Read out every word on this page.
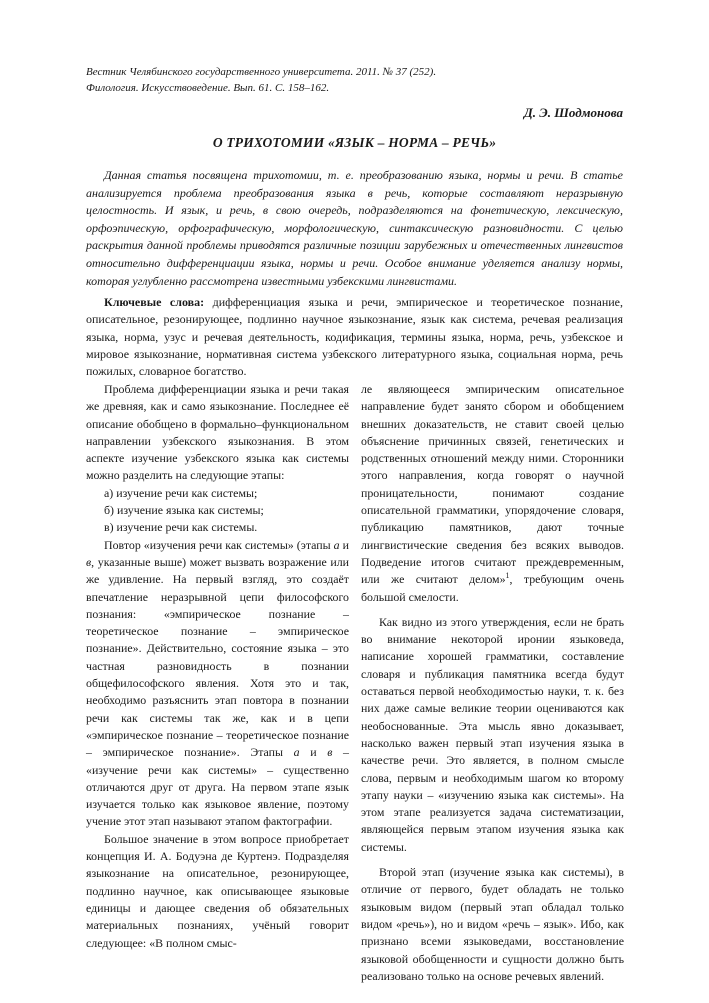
Вестник Челябинского государственного университета. 2011. № 37 (252).
Филология. Искусствоведение. Вып. 61. С. 158–162.
Д. Э. Шодмонова
О ТРИХОТОМИИ «ЯЗЫК – НОРМА – РЕЧЬ»
Данная статья посвящена трихотомии, т. е. преобразованию языка, нормы и речи. В статье анализируется проблема преобразования языка в речь, которые составляют неразрывную целостность. И язык, и речь, в свою очередь, подразделяются на фонетическую, лексическую, орфоэпическую, орфографическую, морфологическую, синтаксическую разновидности. С целью раскрытия данной проблемы приводятся различные позиции зарубежных и отечественных лингвистов относительно дифференциации языка, нормы и речи. Особое внимание уделяется анализу нормы, которая углубленно рассмотрена известными узбекскими лингвистами.
Ключевые слова: дифференциация языка и речи, эмпирическое и теоретическое познание, описательное, резонирующее, подлинно научное языкознание, язык как система, речевая реализация языка, норма, узус и речевая деятельность, кодификация, термины языка, норма, речь, узбекское и мировое языкознание, нормативная система узбекского литературного языка, социальная норма, речь пожилых, словарное богатство.

Проблема дифференциации языка и речи такая же древняя, как и само языкознание. Последнее её описание обобщено в формально–функциональном направлении узбекского языкознания. В этом аспекте изучение узбекского языка как системы можно разделить на следующие этапы:

а) изучение речи как системы;

б) изучение языка как системы;

в) изучение речи как системы.

Повтор «изучения речи как системы» (этапы а и в, указанные выше) может вызвать возражение или же удивление. На первый взгляд, это создаёт впечатление неразрывной цепи философского познания: «эмпирическое познание – теоретическое познание – эмпирическое познание». Действительно, состояние языка – это частная разновидность в познании общефилософского явления. Хотя это и так, необходимо разъяснить этап повтора в познании речи как системы так же, как и в цепи «эмпирическое познание – теоретическое познание – эмпирическое познание». Этапы а и в – «изучение речи как системы» – существенно отличаются друг от друга. На первом этапе язык изучается только как языковое явление, поэтому учение этот этап называют этапом фактографии.

Большое значение в этом вопросе приобретает концепция И. А. Бодуэна де Куртенэ. Подразделяя языкознание на описательное, резонирующее, подлинно научное, как описывающее языковые единицы и дающее сведения об обязательных материальных познаниях, учёный говорит следующее: «В полном смыс-

ле являющееся эмпирическим описательное направление будет занято сбором и обобщением внешних доказательств, не ставит своей целью объяснение причинных связей, генетических и родственных отношений между ними. Сторонники этого направления, когда говорят о научной проницательности, понимают создание описательной грамматики, упорядочение словаря, публикацию памятников, дают точные лингвистические сведения без всяких выводов. Подведение итогов считают преждевременным, или же считают делом»$^1$, требующим очень большой смелости.

Как видно из этого утверждения, если не брать во внимание некоторой иронии языковеда, написание хорошей грамматики, составление словаря и публикация памятника всегда будут оставаться первой необходимостью науки, т. к. без них даже самые великие теории оцениваются как необоснованные. Эта мысль явно доказывает, насколько важен первый этап изучения языка в качестве речи. Это является, в полном смысле слова, первым и необходимым шагом ко второму этапу науки – «изучению языка как системы». На этом этапе реализуется задача систематизации, являющейся первым этапом изучения языка как системы.

Второй этап (изучение языка как системы), в отличие от первого, будет обладать не только языковым видом (первый этап обладал только видом «речь»), но и видом «речь – язык». Ибо, как признано всеми языковедами, восстановление языковой обобщенности и сущности должно быть реализовано только на основе речевых явлений.
